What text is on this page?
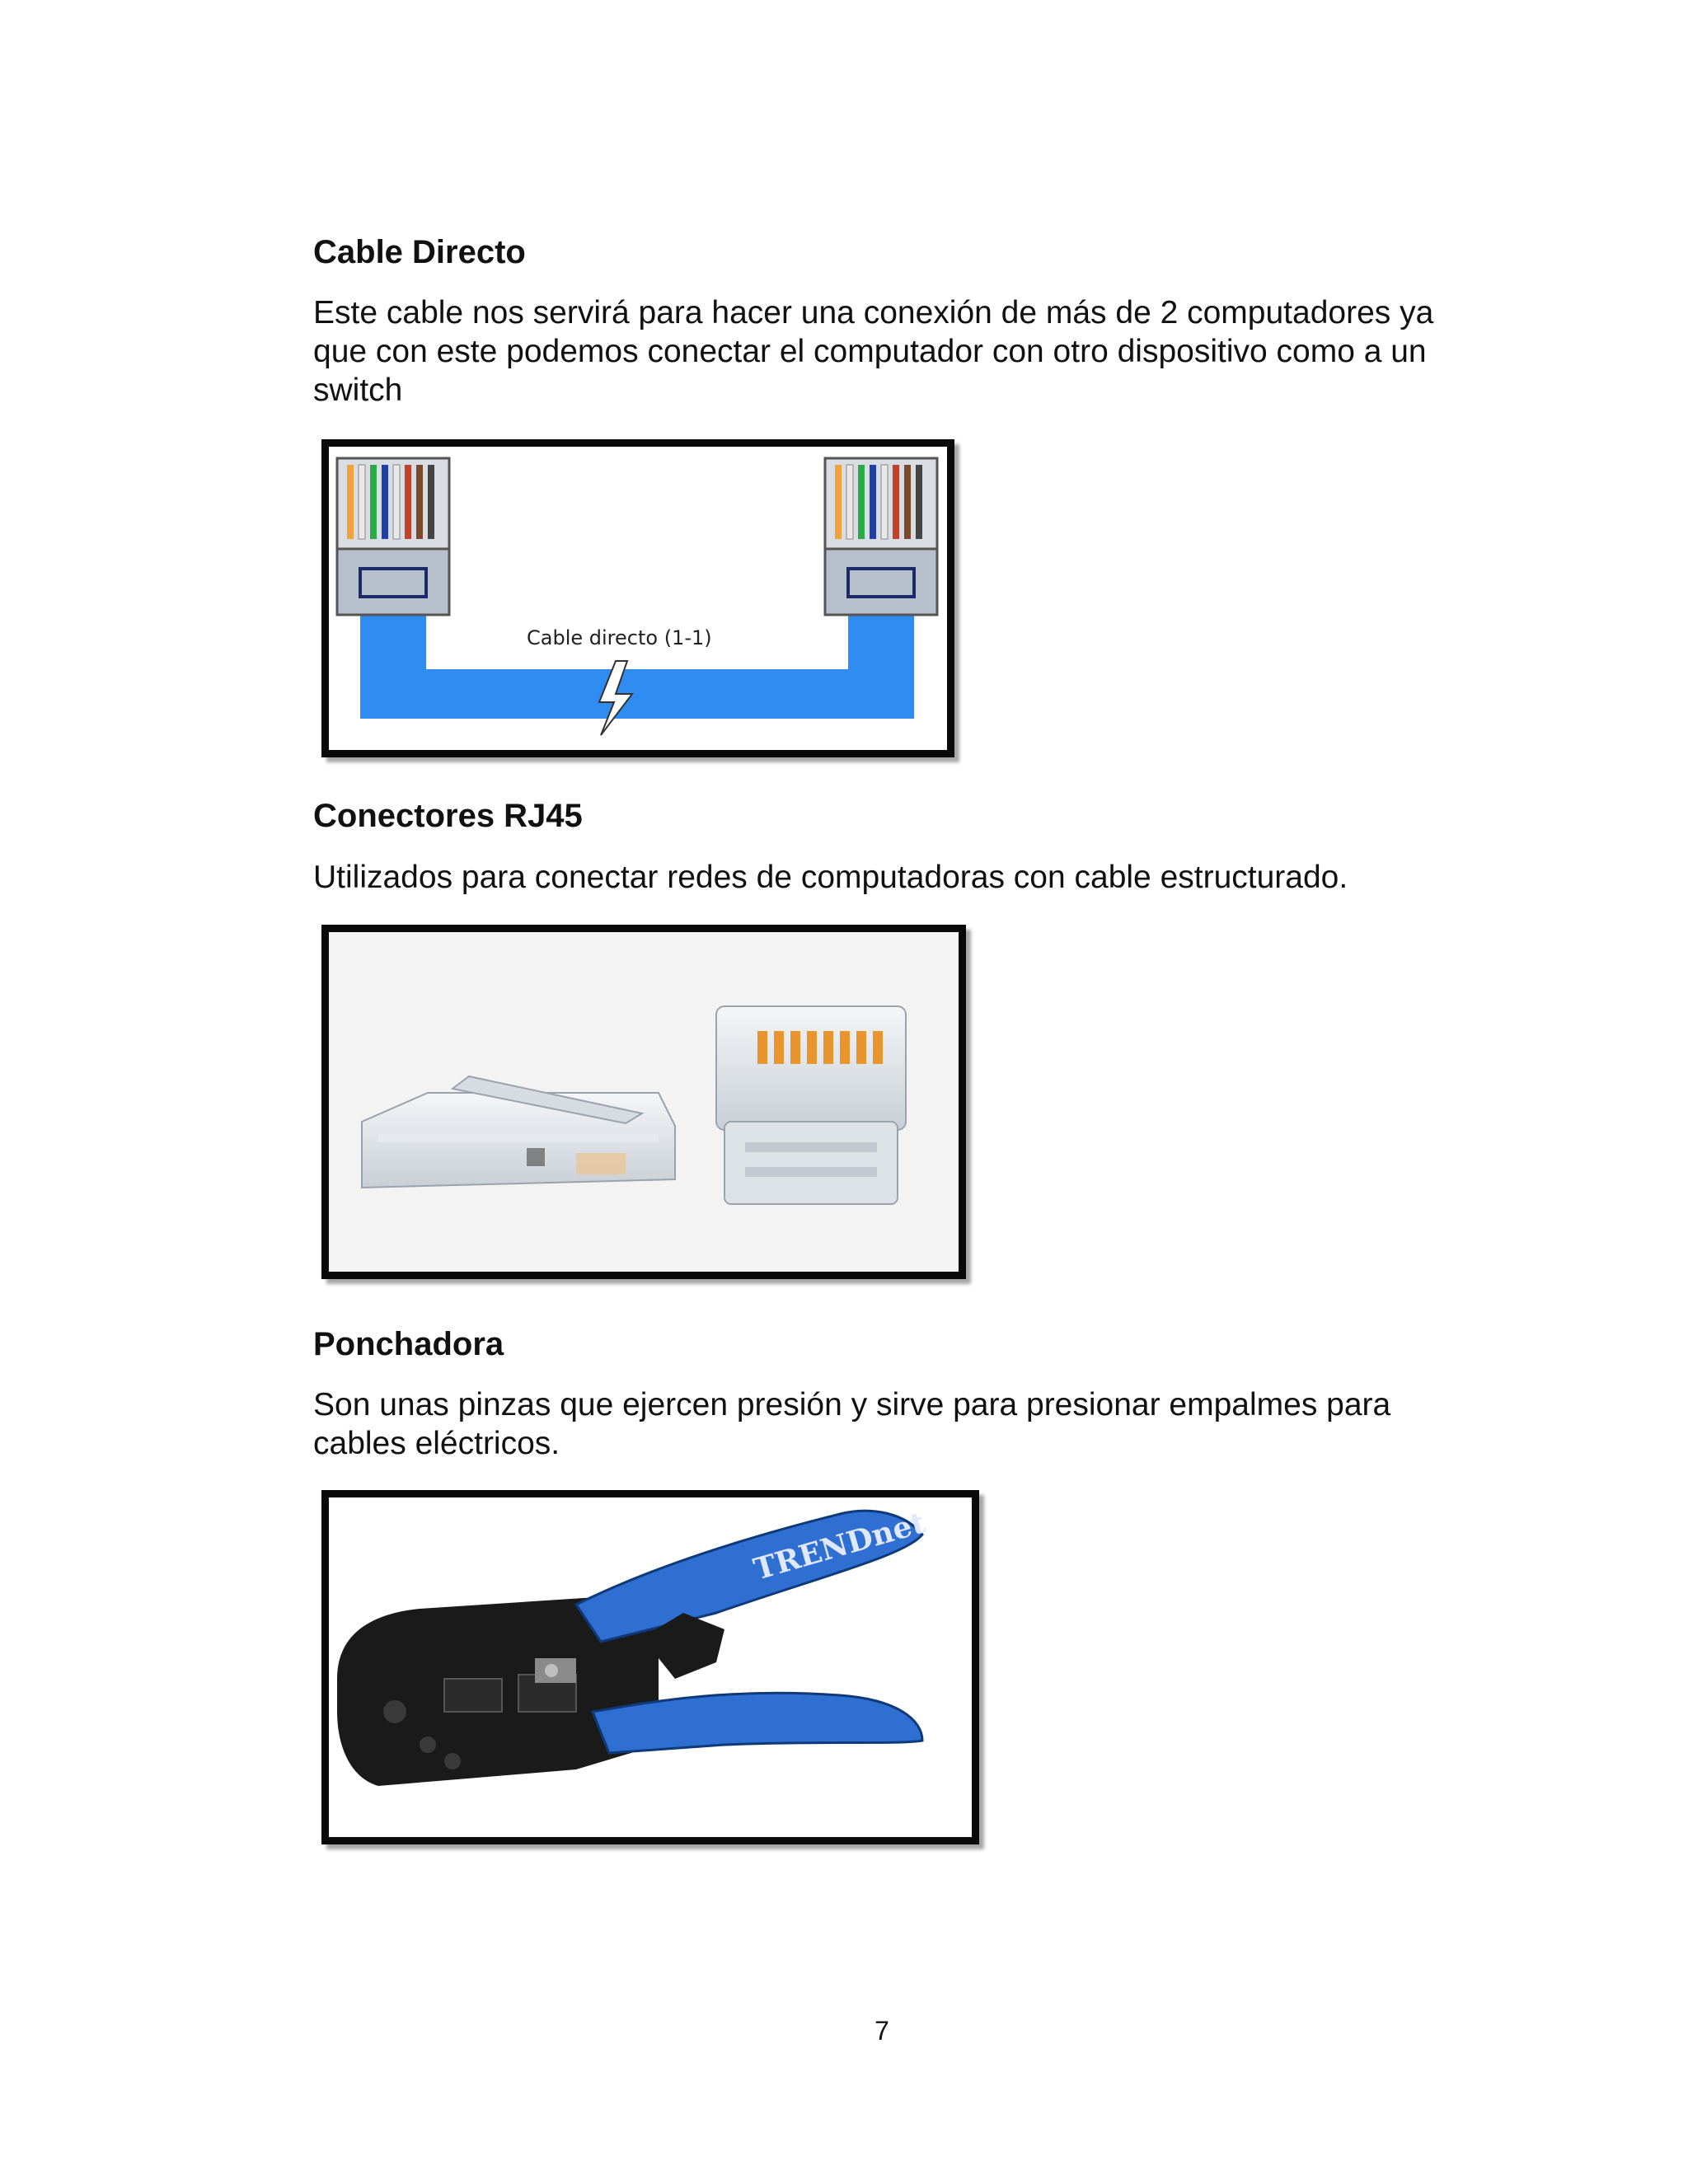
Cable Directo
Este cable nos servirá para hacer una conexión de más de 2 computadores ya que con este podemos conectar el computador con otro dispositivo como a un switch
Cable directo (1-1)
Conectores RJ45
Utilizados para conectar redes de computadoras con cable estructurado.
Ponchadora
Son unas pinzas que ejercen presión y sirve para presionar empalmes para cables eléctricos.
TRENDnet
7
